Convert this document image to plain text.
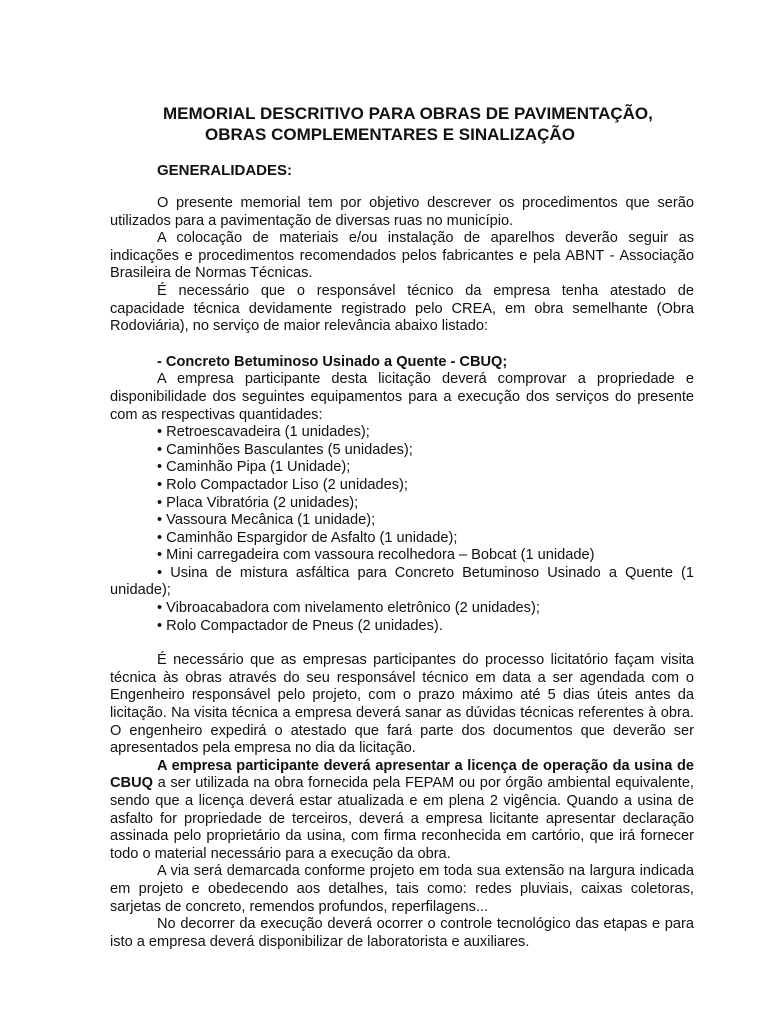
MEMORIAL DESCRITIVO PARA OBRAS DE PAVIMENTAÇÃO,
OBRAS COMPLEMENTARES E SINALIZAÇÃO
GENERALIDADES:

O presente memorial tem por objetivo descrever os procedimentos que serão utilizados para a pavimentação de diversas ruas no município.

A colocação de materiais e/ou instalação de aparelhos deverão seguir as indicações e procedimentos recomendados pelos fabricantes e pela ABNT - Associação Brasileira de Normas Técnicas.

É necessário que o responsável técnico da empresa tenha atestado de capacidade técnica devidamente registrado pelo CREA, em obra semelhante (Obra Rodoviária), no serviço de maior relevância abaixo listado:

- Concreto Betuminoso Usinado a Quente - CBUQ;

A empresa participante desta licitação deverá comprovar a propriedade e disponibilidade dos seguintes equipamentos para a execução dos serviços do presente com as respectivas quantidades:

• Retroescavadeira (1 unidades);
• Caminhões Basculantes (5 unidades);
• Caminhão Pipa (1 Unidade);
• Rolo Compactador Liso (2 unidades);
• Placa Vibratória (2 unidades);
• Vassoura Mecânica (1 unidade);
• Caminhão Espargidor de Asfalto (1 unidade);
• Mini carregadeira com vassoura recolhedora – Bobcat (1 unidade)
• Usina de mistura asfáltica para Concreto Betuminoso Usinado a Quente (1 unidade);
• Vibroacabadora com nivelamento eletrônico (2 unidades);
• Rolo Compactador de Pneus (2 unidades).

É necessário que as empresas participantes do processo licitatório façam visita técnica às obras através do seu responsável técnico em data a ser agendada com o Engenheiro responsável pelo projeto, com o prazo máximo até 5 dias úteis antes da licitação. Na visita técnica a empresa deverá sanar as dúvidas técnicas referentes à obra. O engenheiro expedirá o atestado que fará parte dos documentos que deverão ser apresentados pela empresa no dia da licitação.

A empresa participante deverá apresentar a licença de operação da usina de CBUQ a ser utilizada na obra fornecida pela FEPAM ou por órgão ambiental equivalente, sendo que a licença deverá estar atualizada e em plena 2 vigência. Quando a usina de asfalto for propriedade de terceiros, deverá a empresa licitante apresentar declaração assinada pelo proprietário da usina, com firma reconhecida em cartório, que irá fornecer todo o material necessário para a execução da obra.

A via será demarcada conforme projeto em toda sua extensão na largura indicada em projeto e obedecendo aos detalhes, tais como: redes pluviais, caixas coletoras, sarjetas de concreto, remendos profundos, reperfilagens...

No decorrer da execução deverá ocorrer o controle tecnológico das etapas e para isto a empresa deverá disponibilizar de laboratorista e auxiliares.
